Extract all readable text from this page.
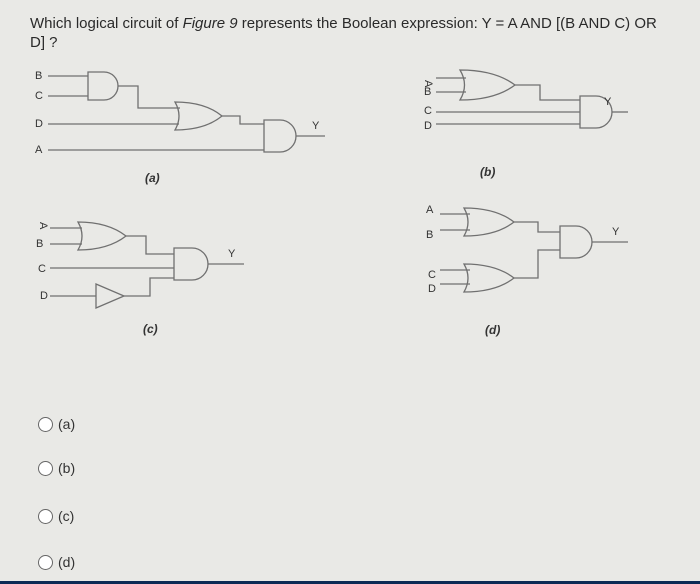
Which logical circuit of Figure 9 represents the Boolean expression: Y = A AND [(B AND C) OR D] ?
B
C
D
A
Y
(a)
A
B
C
D
Y
(b)
A
B
C
D
Y
(c)
A
B
C
D
Y
(d)
(a)
(b)
(c)
(d)
